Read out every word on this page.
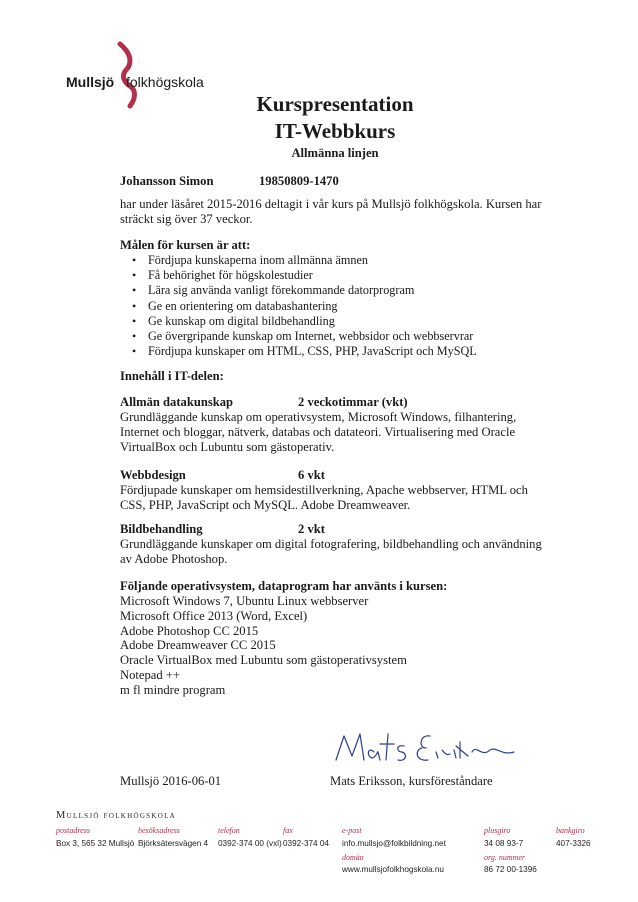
Mullsjö folkhögskola
Kurspresentation
IT-Webbkurs
Allmänna linjen
Johansson Simon	19850809-1470
har under läsåret 2015-2016 deltagit i vår kurs på Mullsjö folkhögskola. Kursen har sträckt sig över 37 veckor.
Målen för kursen är att:
• Fördjupa kunskaperna inom allmänna ämnen
• Få behörighet för högskolestudier
• Lära sig använda vanligt förekommande datorprogram
• Ge en orientering om databashantering
• Ge kunskap om digital bildbehandling
• Ge övergripande kunskap om Internet, webbsidor och webbservrar
• Fördjupa kunskaper om HTML, CSS, PHP, JavaScript och MySQL
Innehåll i IT-delen:
Allmän datakunskap	2 veckotimmar (vkt)

Grundläggande kunskap om operativsystem, Microsoft Windows, filhantering, Internet och bloggar, nätverk, databas och datateori. Virtualisering med Oracle VirtualBox och Lubuntu som gästoperativ.

Webbdesign	6 vkt

Fördjupade kunskaper om hemsidestillverkning, Apache webbserver, HTML och CSS, PHP, JavaScript och MySQL. Adobe Dreamweaver.

Bildbehandling	2 vkt

Grundläggande kunskaper om digital fotografering, bildbehandling och användning av Adobe Photoshop.

Följande operativsystem, dataprogram har använts i kursen:
Microsoft Windows 7, Ubuntu Linux webbserver
Microsoft Office 2013 (Word, Excel)
Adobe Photoshop CC 2015
Adobe Dreamweaver CC 2015
Oracle VirtualBox med Lubuntu som gästoperativsystem
Notepad ++
m fl mindre program
Mullsjö 2016-06-01	Mats Eriksson, kursföreståndare
Mullsjö folkhögskola
postadress
Box 3, 565 32 Mullsjö
besöksadress
Björksätersvägen 4
telefon
0392-374 00 (vxl)
fax
0392-374 04
e-post
info.mullsjo@folkbildning.net
domän
www.mullsjofolkhogskola.nu
plusgiro
34 08 93-7
org. nummer
86 72 00-1396
bankgiro
407-3326
